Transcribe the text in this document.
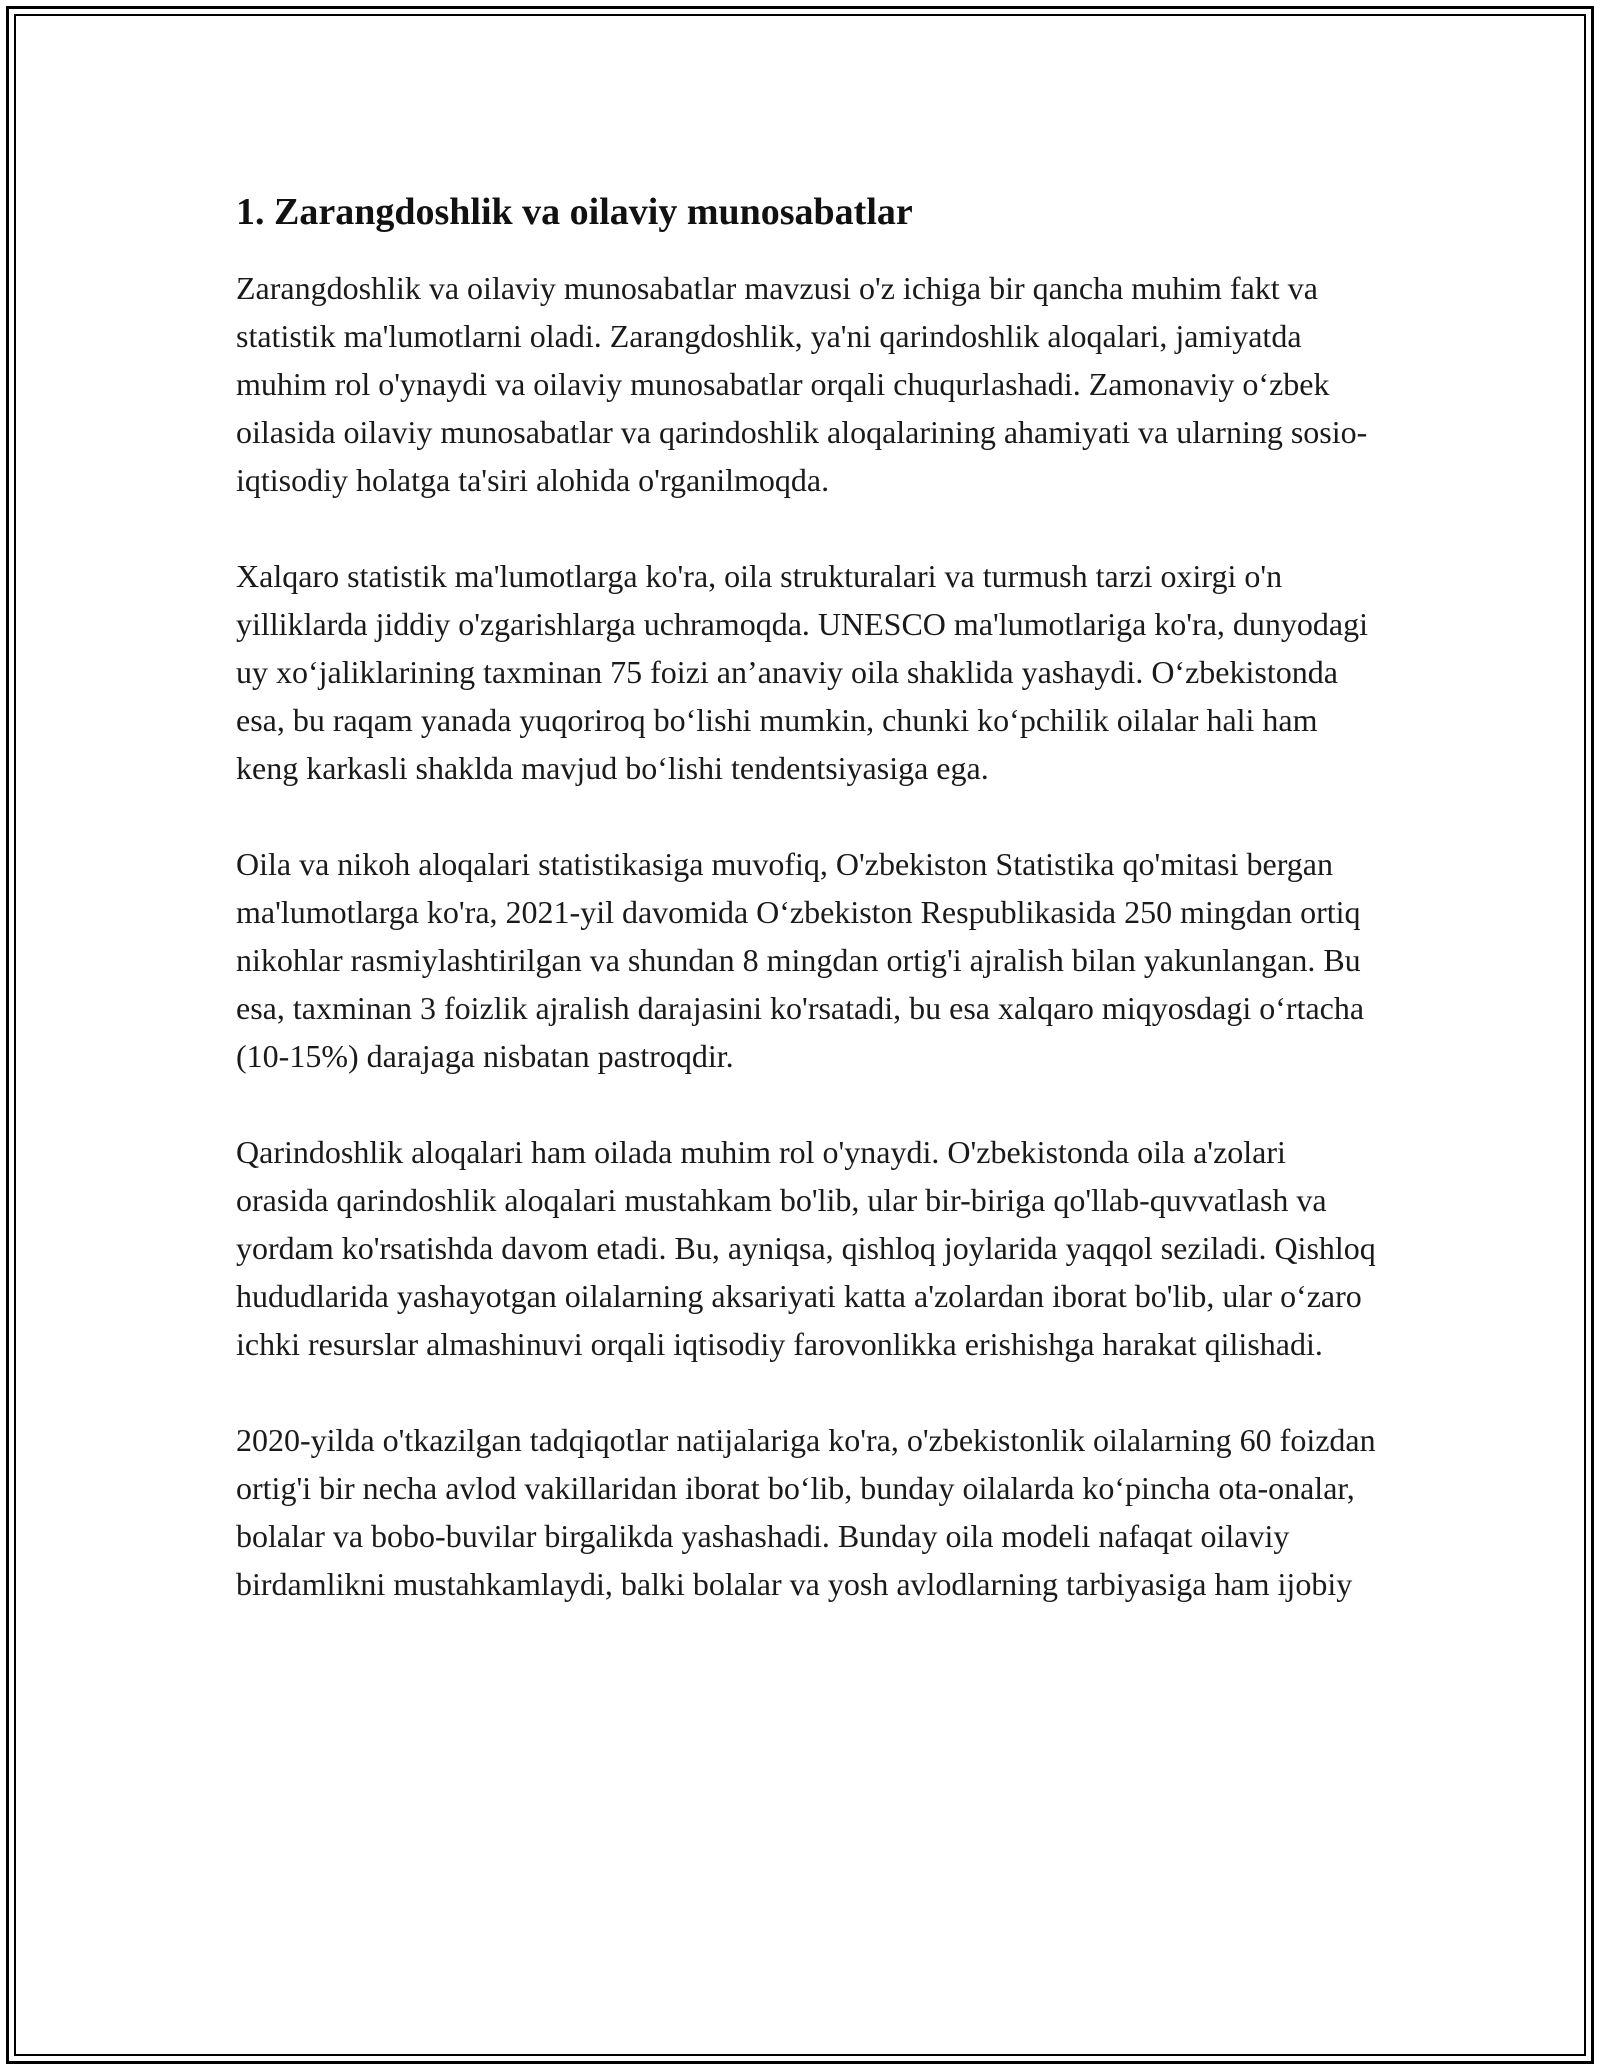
1. Zarangdoshlik va oilaviy munosabatlar

Zarangdoshlik va oilaviy munosabatlar mavzusi o'z ichiga bir qancha muhim fakt va statistik ma'lumotlarni oladi. Zarangdoshlik, ya'ni qarindoshlik aloqalari, jamiyatda muhim rol o'ynaydi va oilaviy munosabatlar orqali chuqurlashadi. Zamonaviy o‘zbek oilasida oilaviy munosabatlar va qarindoshlik aloqalarining ahamiyati va ularning sosio-iqtisodiy holatga ta'siri alohida o'rganilmoqda.

Xalqaro statistik ma'lumotlarga ko'ra, oila strukturalari va turmush tarzi oxirgi o'n yilliklarda jiddiy o'zgarishlarga uchramoqda. UNESCO ma'lumotlariga ko'ra, dunyodagi uy xo‘jaliklarining taxminan 75 foizi an’anaviy oila shaklida yashaydi. O‘zbekistonda esa, bu raqam yanada yuqoriroq bo‘lishi mumkin, chunki ko‘pchilik oilalar hali ham keng karkasli shaklda mavjud bo‘lishi tendentsiyasiga ega.

Oila va nikoh aloqalari statistikasiga muvofiq, O'zbekiston Statistika qo'mitasi bergan ma'lumotlarga ko'ra, 2021-yil davomida O‘zbekiston Respublikasida 250 mingdan ortiq nikohlar rasmiylashtirilgan va shundan 8 mingdan ortig'i ajralish bilan yakunlangan. Bu esa, taxminan 3 foizlik ajralish darajasini ko'rsatadi, bu esa xalqaro miqyosdagi o‘rtacha (10-15%) darajaga nisbatan pastroqdir.

Qarindoshlik aloqalari ham oilada muhim rol o'ynaydi. O'zbekistonda oila a'zolari orasida qarindoshlik aloqalari mustahkam bo'lib, ular bir-biriga qo'llab-quvvatlash va yordam ko'rsatishda davom etadi. Bu, ayniqsa, qishloq joylarida yaqqol seziladi. Qishloq hududlarida yashayotgan oilalarning aksariyati katta a'zolardan iborat bo'lib, ular o‘zaro ichki resurslar almashinuvi orqali iqtisodiy farovonlikka erishishga harakat qilishadi.

2020-yilda o'tkazilgan tadqiqotlar natijalariga ko'ra, o'zbekistonlik oilalarning 60 foizdan ortig'i bir necha avlod vakillaridan iborat bo‘lib, bunday oilalarda ko‘pincha ota-onalar, bolalar va bobo-buvilar birgalikda yashashadi. Bunday oila modeli nafaqat oilaviy birdamlikni mustahkamlaydi, balki bolalar va yosh avlodlarning tarbiyasiga ham ijobiy
